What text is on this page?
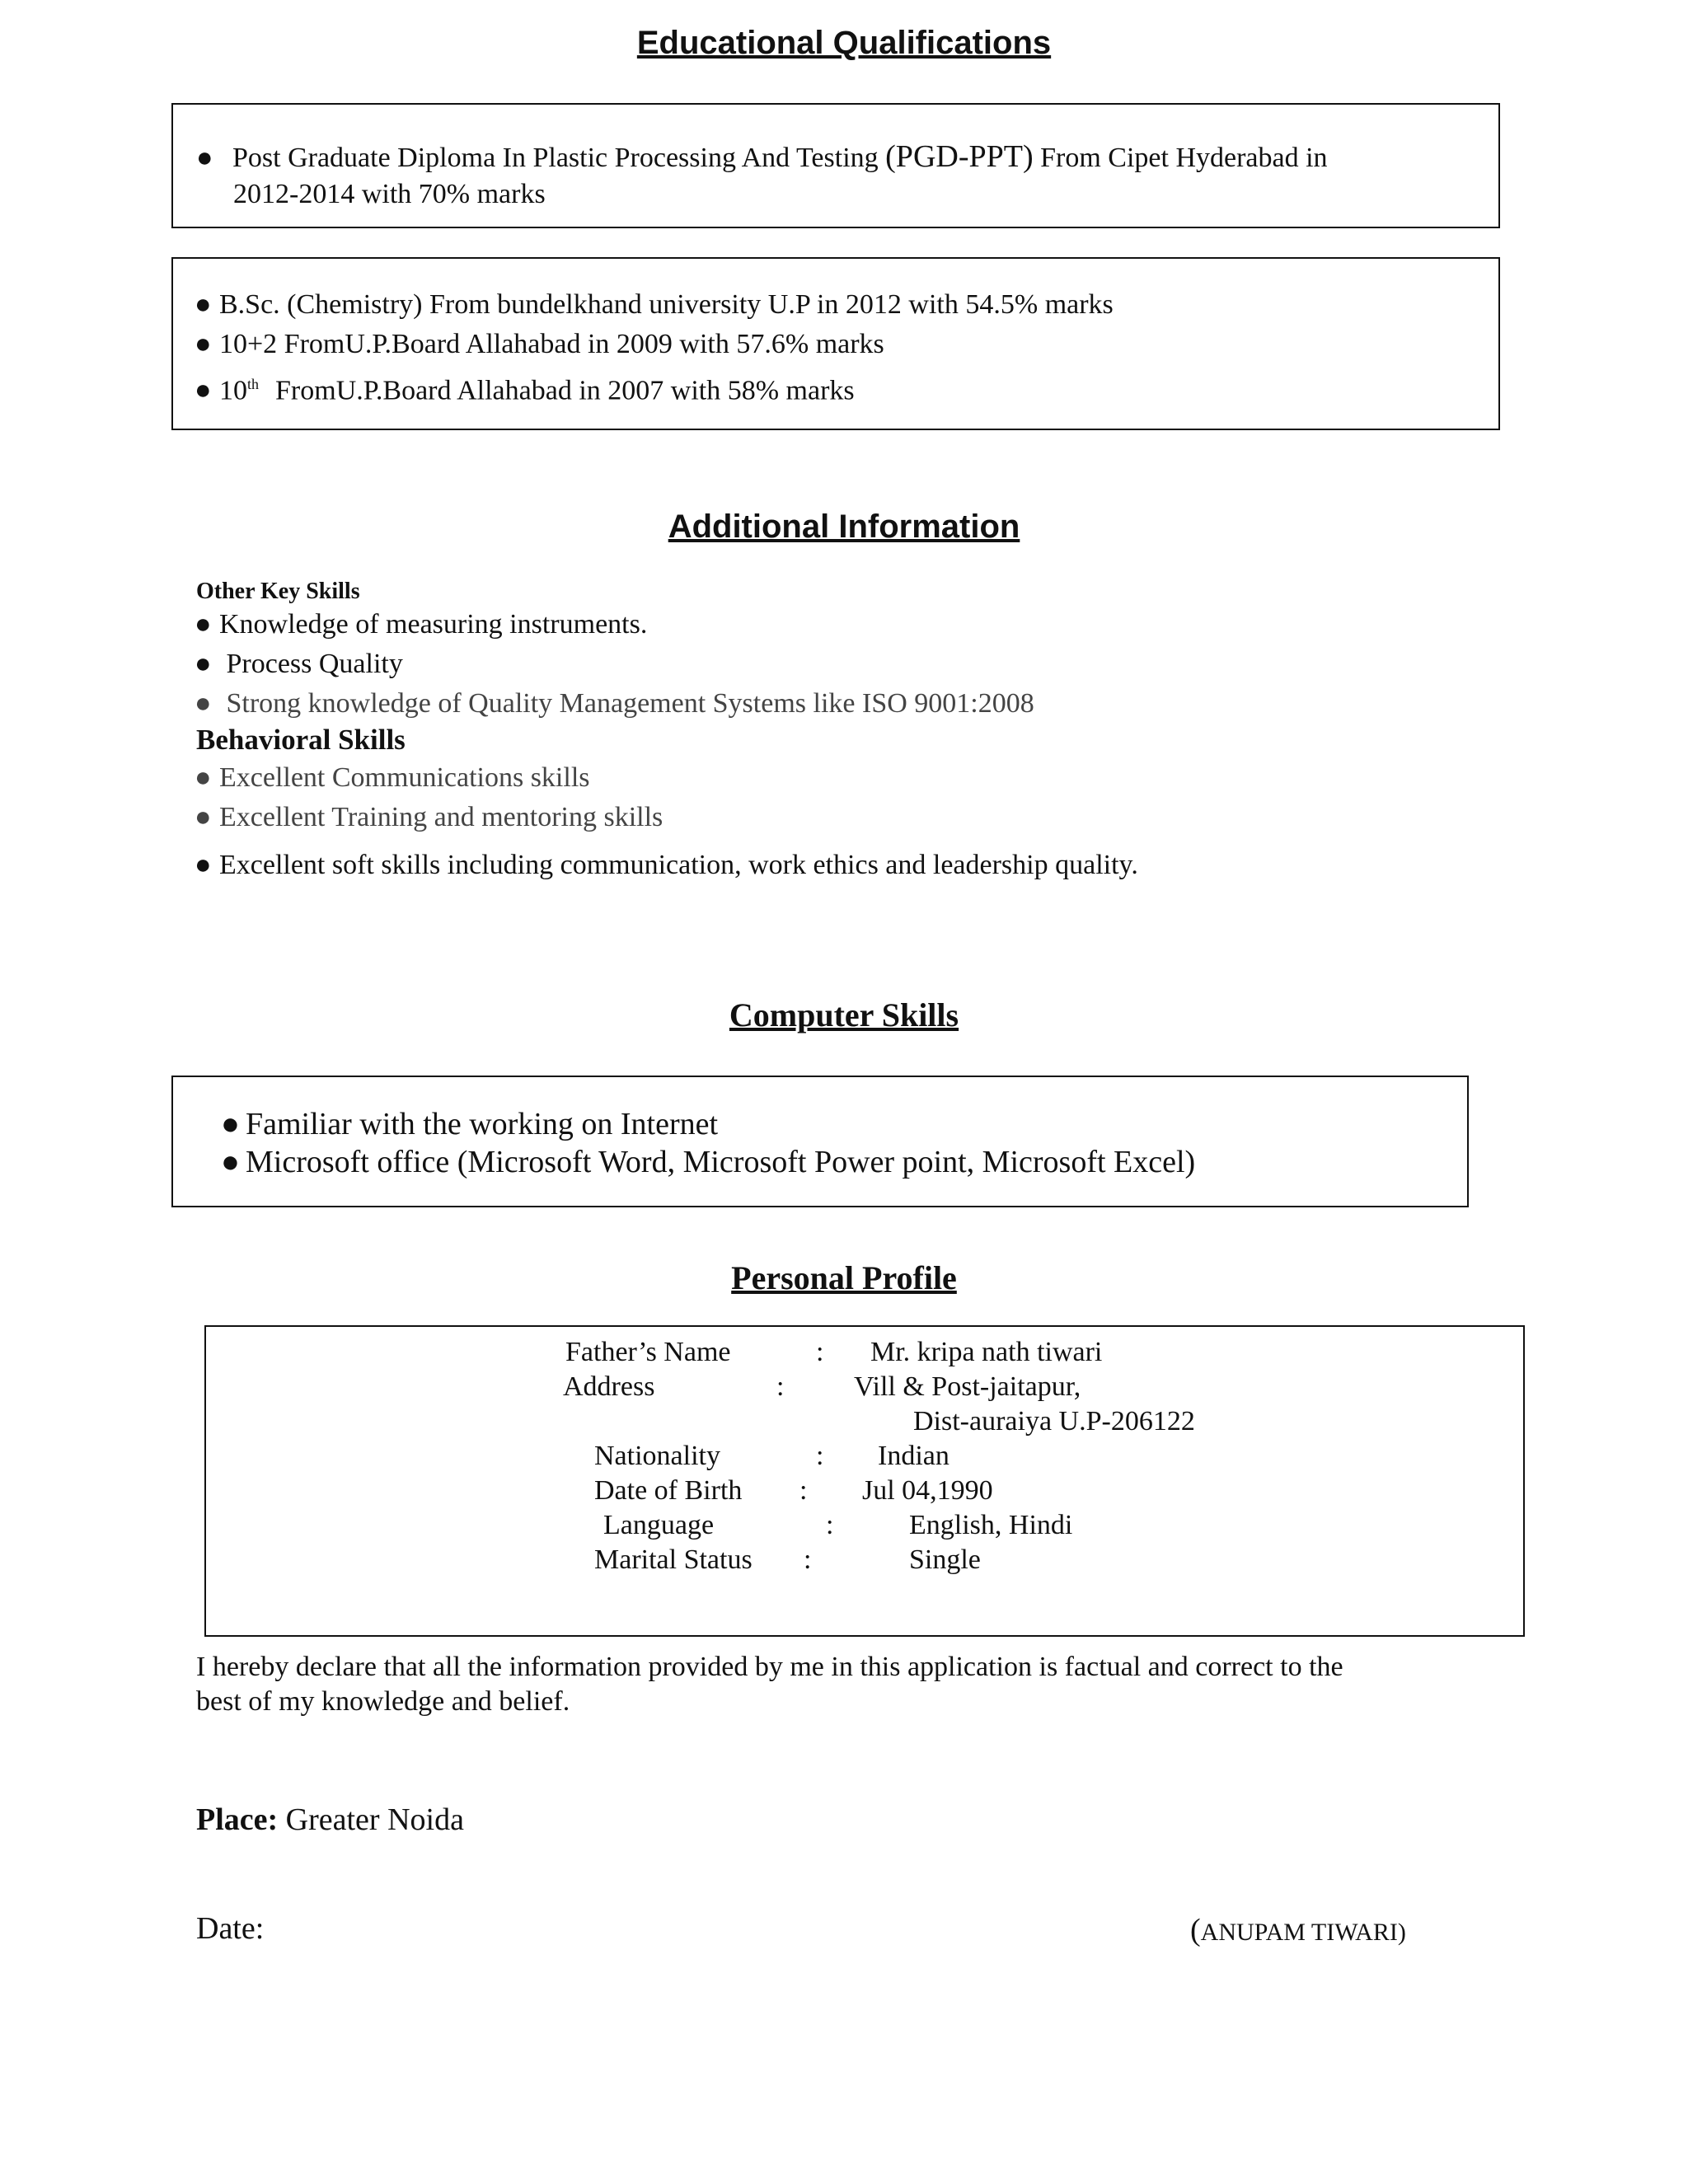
Educational Qualifications
● Post Graduate Diploma In Plastic Processing And Testing (PGD-PPT) From Cipet Hyderabad in
2012-2014 with 70% marks
● B.Sc. (Chemistry) From bundelkhand university U.P in 2012 with 54.5% marks
● 10+2 FromU.P.Board Allahabad in 2009 with 57.6% marks
● 10th FromU.P.Board Allahabad in 2007 with 58% marks
Additional Information
Other Key Skills
● Knowledge of measuring instruments.
● Process Quality
● Strong knowledge of Quality Management Systems like ISO 9001:2008
Behavioral Skills
● Excellent Communications skills
● Excellent Training and mentoring skills
● Excellent soft skills including communication, work ethics and leadership quality.
Computer Skills
● Familiar with the working on Internet
● Microsoft office (Microsoft Word, Microsoft Power point, Microsoft Excel)
Personal Profile
Father’s Name	: Mr. kripa nath tiwari
Address	: Vill & Post-jaitapur,
Dist-auraiya U.P-206122
Nationality	: Indian
Date of Birth : Jul 04,1990
Language	:	English, Hindi
Marital Status :	Single
I hereby declare that all the information provided by me in this application is factual and correct to the
best of my knowledge and belief.
Place: Greater Noida
Date:	(ANUPAM TIWARI)
